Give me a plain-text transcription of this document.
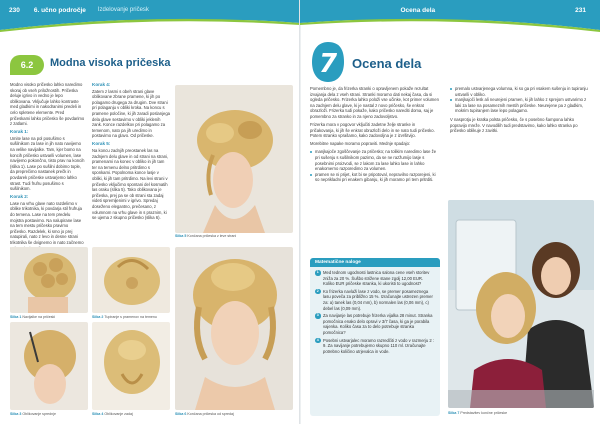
230 6. učno področje Izdelovanje pričesk
6.2	Modna visoka pričeska

Modno visoko pričesko lahko naredimo skoraj ob vseh priložnostih. Pričeska deluje igrivo in vedno je lepo oblikovana. Vključuje lahko kontraste med gladkimi in nakodranimi predeli in celo spletene elemente. Pred pričeskami lahko pričesko še povdarimo z zatlami.

Korak 1:

Umite lase na pol posušimo s sušilnikom za lase in jih nato navijemo na velike navijalke. Tam, kjer bomo na koncih pričesko ustvarili volumen, lase navijemo pokončno, tisto prav na koncih (slika 1). Lase po sušilni dobimo tople, da preprečimo nastanek prečk in povdarek pričeske ustvarjemo lahko strast. Tudi frufru posušimo s sušilnikom.

Korak 2:

Lase na vrhu glave nato razdelimo v oblike trikotnika, ki povdarja stil frufruja do temena. Lase na tem predelu mojstra postavimo. Na nalupirane lase na tem mestu pričesko pravimo pričesko. Razdelek, ki smo jo prej natupirali, nato z levo in desne strani trikotnika še dvignemo in nato začnemo

Korak 4:

Zatem z lasmi s obeh strani glave oblikovane zbrane pramene, ki jih po polagamo drugega za drugim. Dve strani pri polaganju v obliki kroka. Na koncu s pramene poločine, ki jih zaradi poslanjega dela glave sestavimo v obliki jeklenih zank. Konce razdelkov pri polagamo za temenom, nato pa jih uredimo in postavimo na glavo. Od pričeske.

Korak 5:

Na koncu zadnjih preostanek las na zadnjem delu glave in od strani na strani, pramenami na konec v obliko in jih tam ter na temenu delno pritrdimo s sponkami. Popolnoma konce lasje v obliki, ki jih tam pritrdimo. Na levi strani v pričesko vključimo spontani del kosmatih las oraku (slika 5). Tako oblikovana je pričeska, prej pa se ob strani sta zadaj videti spremljenimi v igrivo. Spredaj doseženo elegantno, prečesano, z volumnom na vrhu glave in s praznim, ki se ujema z skupno pričesko (slika 6).

Slika 5 Končana pričeska z leve strani
Slika 1 Navijalke na pričeski	Slika 2 Tupiranje s pramenov na temenu
Slika 3 Oblikovanje sprednje	Slika 4 Oblikovanje zadaj	Slika 6 Končana pričeska od spredaj
Ocena dela	231
7 Ocena dela

Pomembno je, da frizerka stranki o opravljenem pokaže rezultat izvajanja dela z vseh strani. Stranki moramo dati nekaj časa, da si ogleda pričesko. Frizerka lahko položi vse učinke, kot primer volumen na zadnjem delu glave, ki je nastal z novo pričesko, še enkrat obrazloži. Frizerka tudi pokaže, kako pričesko narediti doma, saj je pomembno za stranko in za njeno zadovoljstvo.

Frizerka mora v pogovor vključiti zadetne želje stranke in pričakovanja, ki jih še enkrat obrazloži delo in se nato tudi pričesko. Potem stranko vprašamo, kako zadovoljna je z izvršitvijo.

Morebitne napake moramo popraviti. Mednje spadajo:

manjkajoče zgoščevanje za pričesko; na tolikim naredimo lase že pri sušenju s sušilnikom pazimo, da se ne razžumijo lasje s posebnimi proizvodi, se z lakom za lase lahko lase in lahko enakomerno razporedimo za volumen.
pramen se ni prijet, kot bi se pripotoval, nepravilno razporejeni, ki so neprikladni pri enakem gibanju, ki jih moramo pri tem pritrditi.
premalo ustvarjenega volumna, ki so ga pri vsakem sušenju in tupiranju ustvarili v obliko.
manjkajoči lesk ali neurejeni pramen, ki jih lahko z sprejom ustvarimo z laki za lase na posameznih mestih pričeske. Neurejene pa z gladkim, mokrim tupiranjem lase lepo polagamo.

V nasprotju je kratka polsta pričesko, če s posebno šampona lahko popravijo mreže. V navodilih tudi predstavimo, kako lahko stranka po pričesko oblikuje z zavitki.

Matematične naloge
1	Med tednom ugodnosti lastnica salona cene vseh storitev zniža za 20 %. Šušbo strižene stane zgolj 12,00 EUR. Koliko EUR pričeske stranka, ki ukoristi to ugodnost?
2	Ko frizerka navlaži lase z vodo, se premer posameznega lasu poveča za približno 15 %. Izračunajte ustrezen premer za: a) tanek las (0,04 mm), b) normalen las (0,06 mm), c) debel las (0,09 mm).
3	Za navijanje las potrebuje frizerka vijalka 28 minut. Stranka pomočnica enako delo opravi v 3/7 časa, ki ga je porabila vajenka. Koliko časa za to delo potrebuje stranka pomočnica?
4	Posebni ustvarjalec moramo razredčiti z vodo v razmerju 2 : 9. Za navijanje potrebujemo skupno 110 ml. Izračunajte potrebno količino utrjevalca in vode.
Slika 7 Predstavitev končne pričeske
